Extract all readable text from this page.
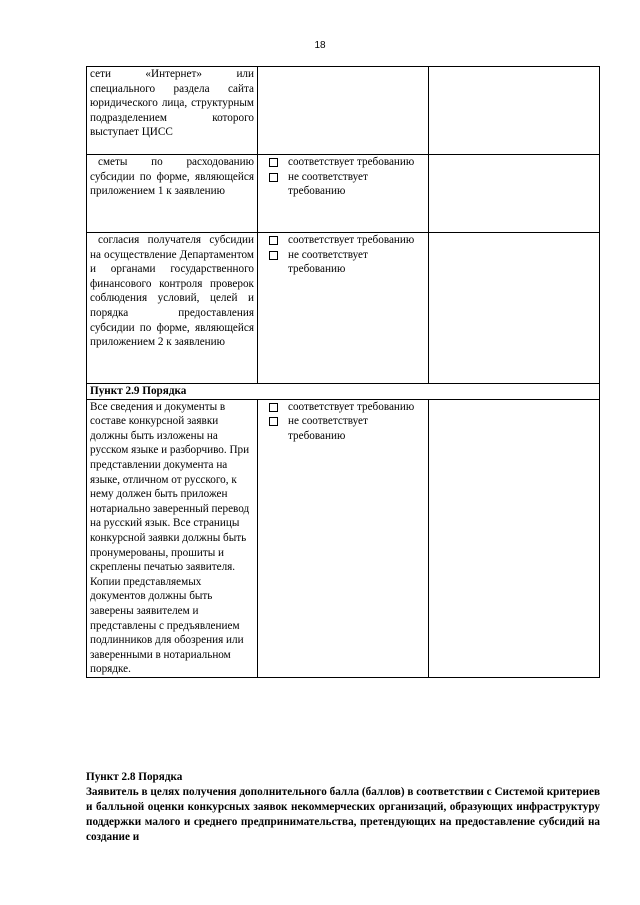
18
сети «Интернет» или специального раздела сайта юридического лица, структурным подразделением которого выступает ЦИСС		

сметы по расходованию субсидии по форме, являющейся приложением 1 к заявлению	соответствует требованию
не соответствует требованию	

согласия получателя субсидии на осуществление Департаментом и органами государственного финансового контроля проверок соблюдения условий, целей и порядка предоставления субсидии по форме, являющейся приложением 2 к заявлению	соответствует требованию
не соответствует требованию	

Пункт 2.9 Порядка		

Все сведения и документы в составе конкурсной заявки должны быть изложены на русском языке и разборчиво. При представлении документа на языке, отличном от русского, к нему должен быть приложен нотариально заверенный перевод на русский язык. Все страницы конкурсной заявки должны быть пронумерованы, прошиты и скреплены печатью заявителя. Копии представляемых документов должны быть заверены заявителем и представлены с предъявлением подлинников для обозрения или заверенными в нотариальном порядке.	соответствует требованию
не соответствует требованию	

Пункт 2.8 Порядка
Заявитель в целях получения дополнительного балла (баллов) в соответствии с Системой критериев и балльной оценки конкурсных заявок некоммерческих организаций, образующих инфраструктуру поддержки малого и среднего предпринимательства, претендующих на предоставление субсидий на создание и
